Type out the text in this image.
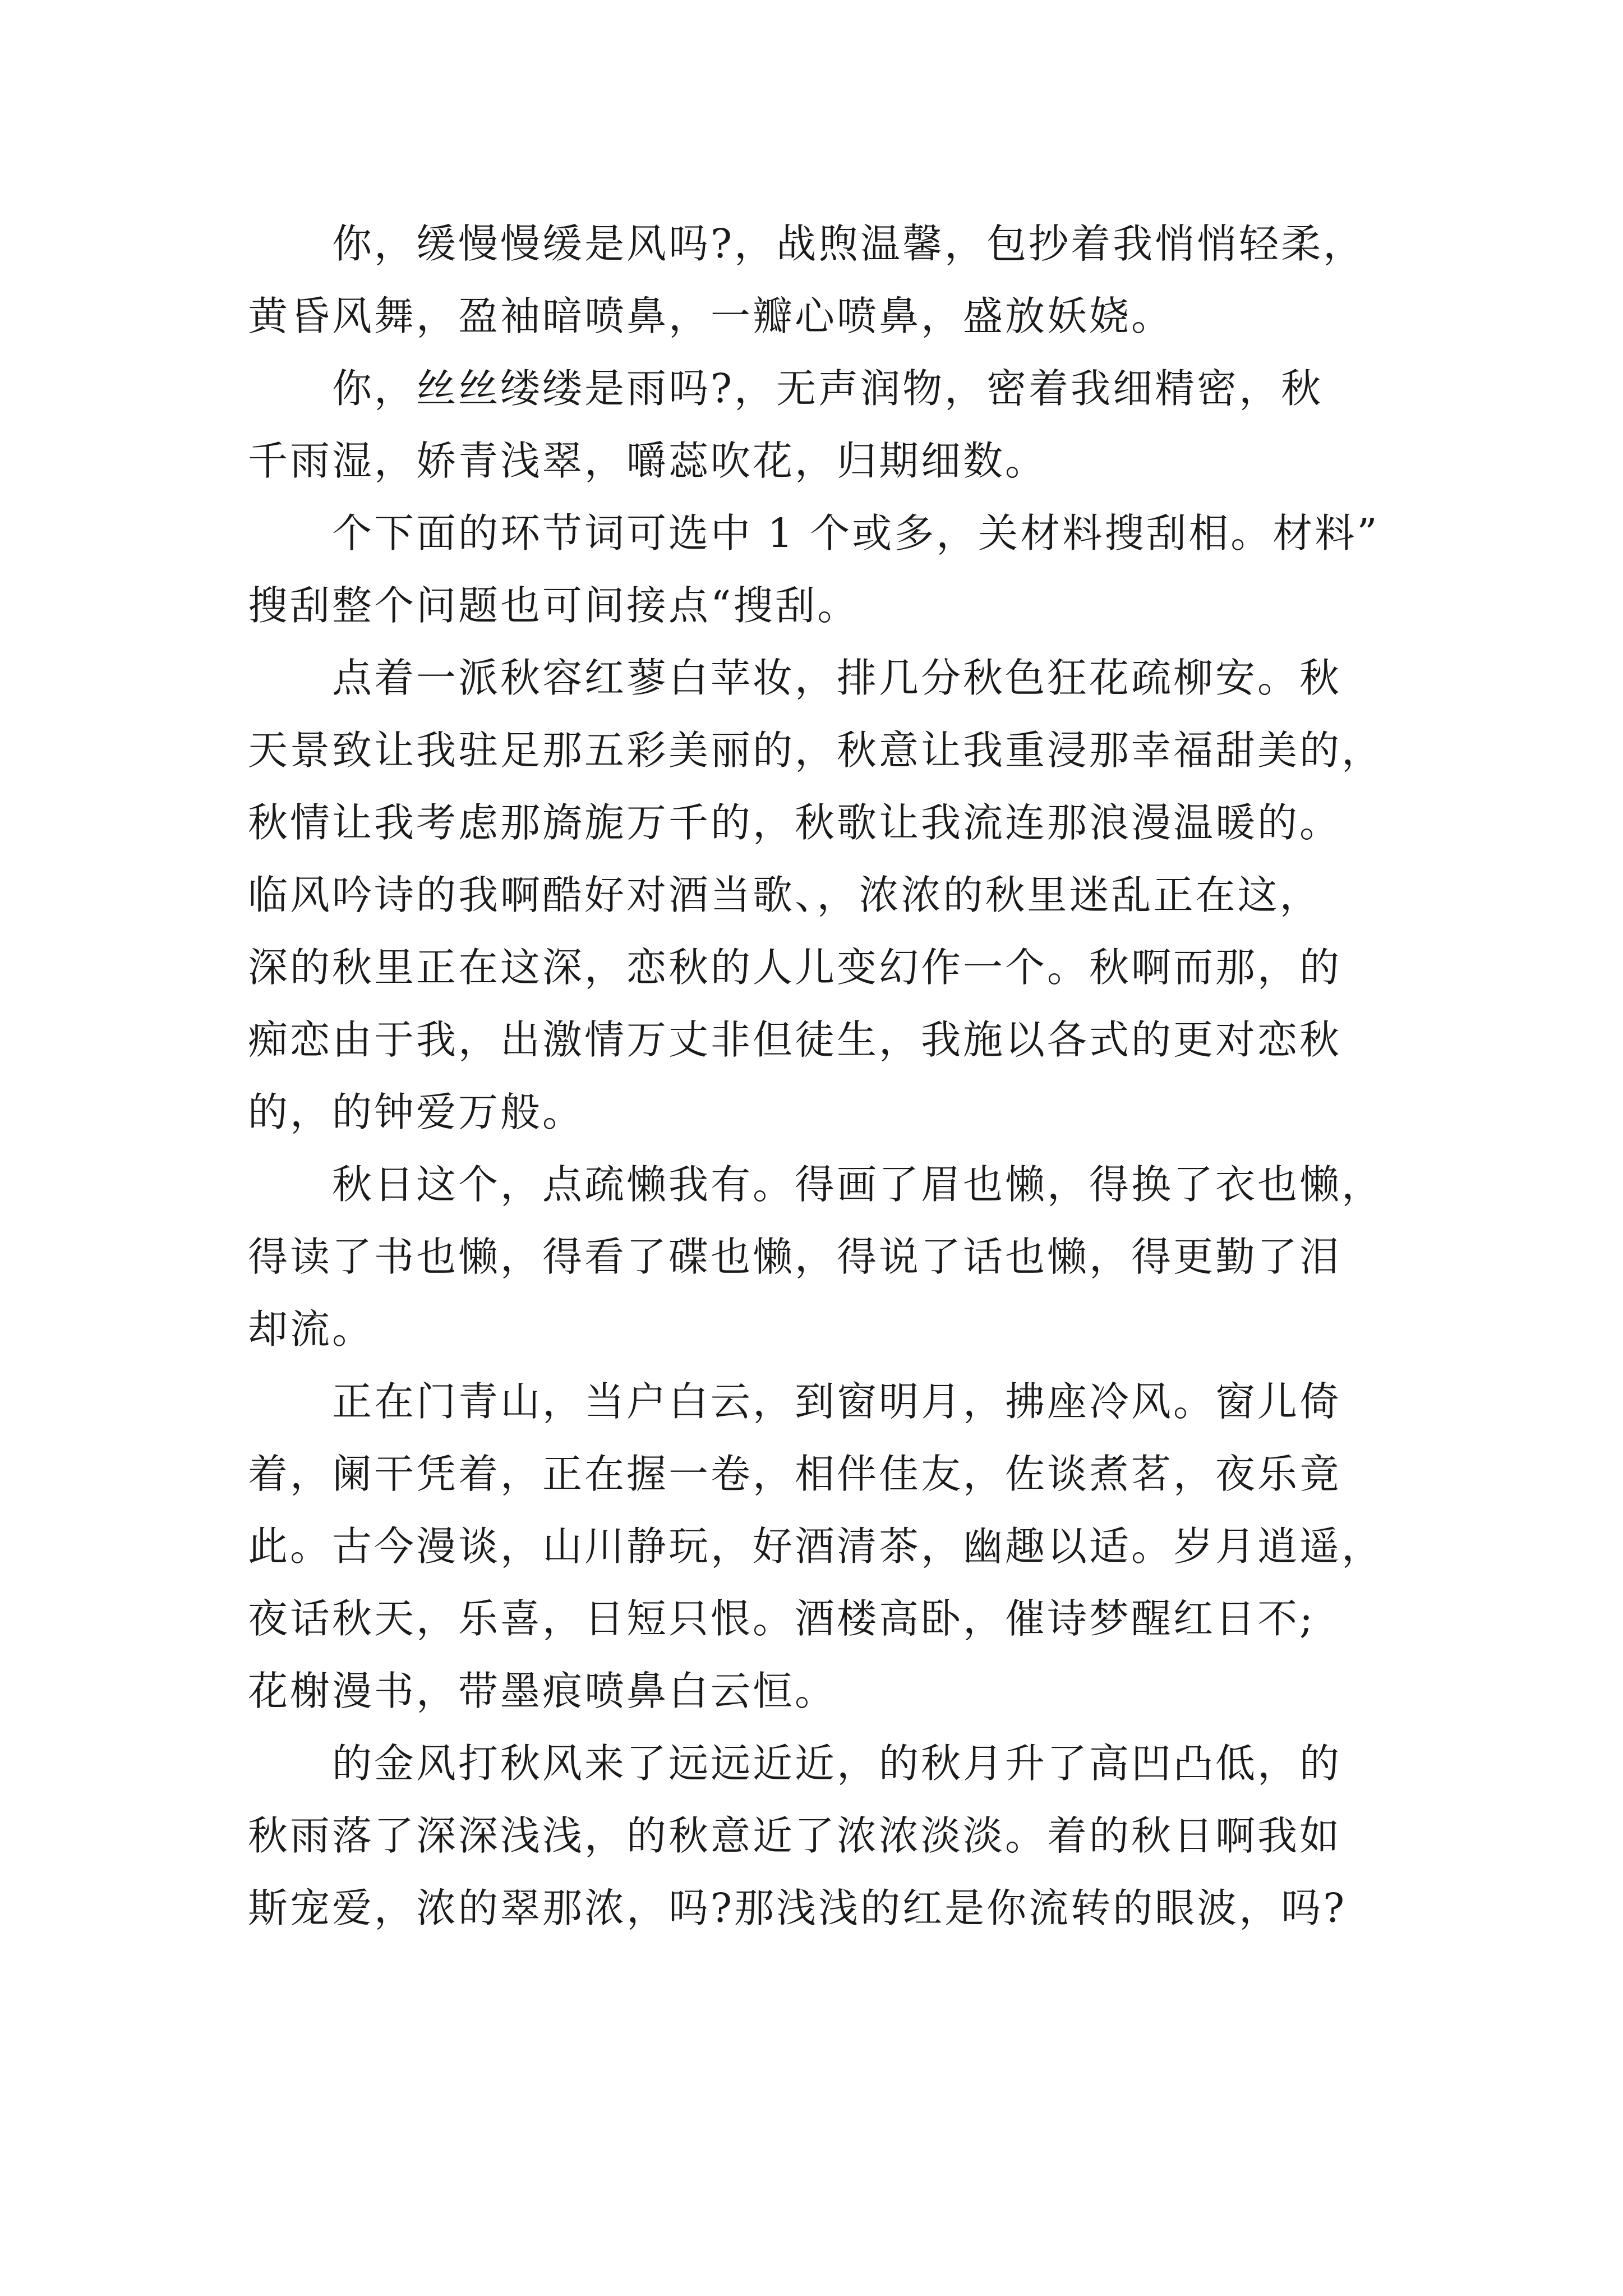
你，缓慢慢缓是风吗?，战煦温馨，包抄着我悄悄轻柔，
黄昏风舞，盈袖暗喷鼻，一瓣心喷鼻，盛放妖娆。
你，丝丝缕缕是雨吗?，无声润物，密着我细精密，秋
千雨湿，娇青浅翠，嚼蕊吹花，归期细数。
个下面的环节词可选中 1 个或多，关材料搜刮相。材料”
搜刮整个问题也可间接点“搜刮。
点着一派秋容红蓼白苹妆，排几分秋色狂花疏柳安。秋
天景致让我驻足那五彩美丽的，秋意让我重浸那幸福甜美的，
秋情让我考虑那旖旎万千的，秋歌让我流连那浪漫温暖的。
临风吟诗的我啊酷好对酒当歌、，浓浓的秋里迷乱正在这，
深的秋里正在这深，恋秋的人儿变幻作一个。秋啊而那，的
痴恋由于我，出激情万丈非但徒生，我施以各式的更对恋秋
的，的钟爱万般。
秋日这个，点疏懒我有。得画了眉也懒，得换了衣也懒，
得读了书也懒，得看了碟也懒，得说了话也懒，得更勤了泪
却流。
正在门青山，当户白云，到窗明月，拂座冷风。窗儿倚
着，阑干凭着，正在握一卷，相伴佳友，佐谈煮茗，夜乐竟
此。古今漫谈，山川静玩，好酒清茶，幽趣以适。岁月逍遥，
夜话秋天，乐喜，日短只恨。酒楼高卧，催诗梦醒红日不;
花榭漫书，带墨痕喷鼻白云恒。
的金风打秋风来了远远近近，的秋月升了高凹凸低，的
秋雨落了深深浅浅，的秋意近了浓浓淡淡。着的秋日啊我如
斯宠爱，浓的翠那浓，吗?那浅浅的红是你流转的眼波，吗?
